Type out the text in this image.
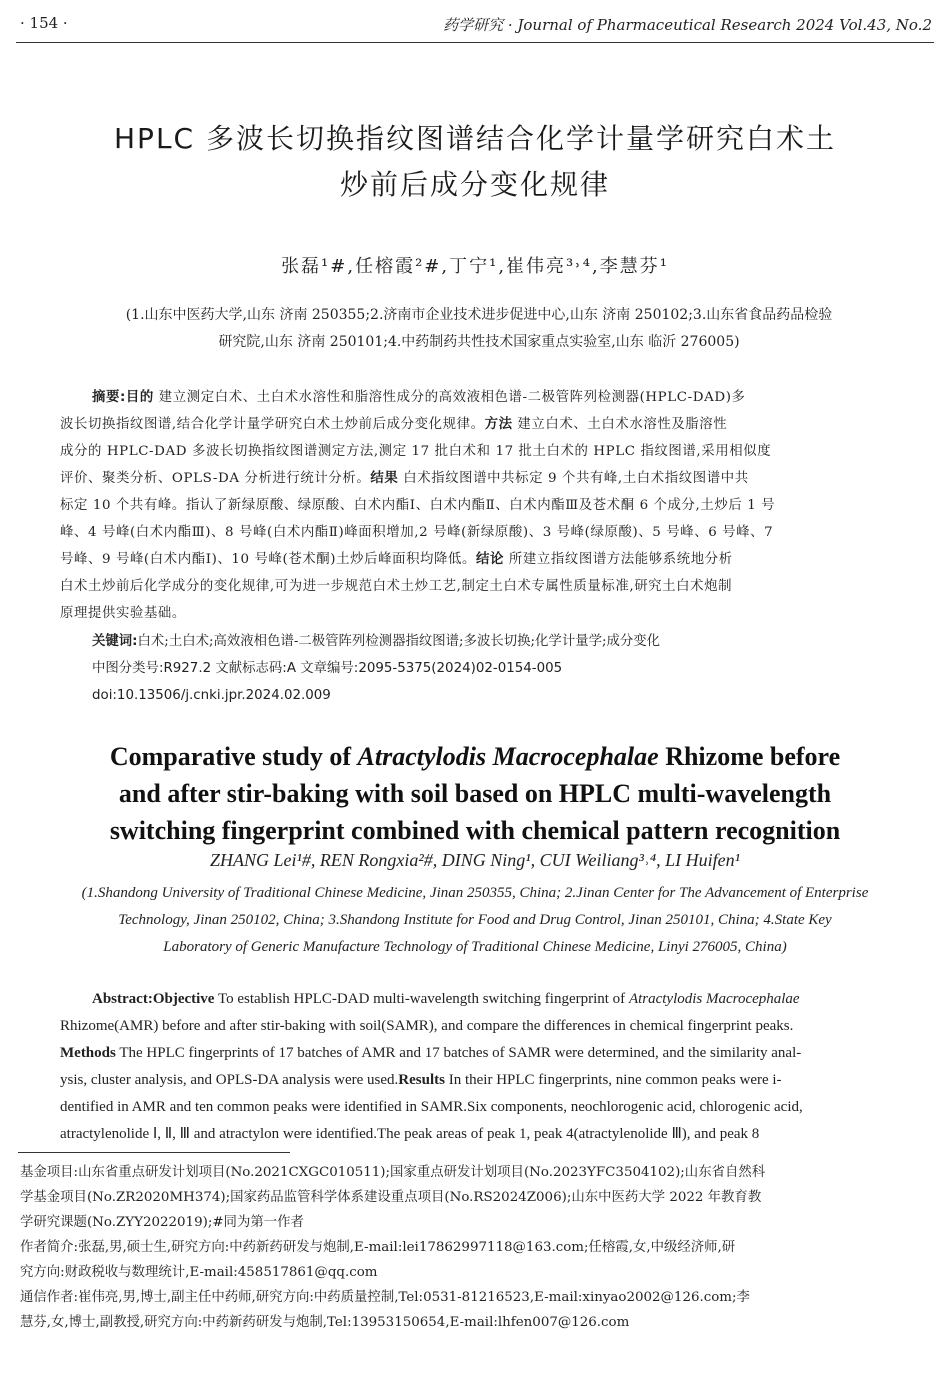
· 154 ·	药学研究 · Journal of Pharmaceutical Research 2024 Vol.43, No.2
HPLC 多波长切换指纹图谱结合化学计量学研究白术土
炒前后成分变化规律
张磊¹#,任榕霞²#,丁宁¹,崔伟亮³˒⁴,李慧芬¹
(1.山东中医药大学,山东 济南 250355;2.济南市企业技术进步促进中心,山东 济南 250102;3.山东省食品药品检验
研究院,山东 济南 250101;4.中药制药共性技术国家重点实验室,山东 临沂 276005)
摘要:目的 建立测定白术、土白术水溶性和脂溶性成分的高效液相色谱-二极管阵列检测器(HPLC-DAD)多
波长切换指纹图谱,结合化学计量学研究白术土炒前后成分变化规律。方法 建立白术、土白术水溶性及脂溶性
成分的 HPLC-DAD 多波长切换指纹图谱测定方法,测定 17 批白术和 17 批土白术的 HPLC 指纹图谱,采用相似度
评价、聚类分析、OPLS-DA 分析进行统计分析。结果 白术指纹图谱中共标定 9 个共有峰,土白术指纹图谱中共
标定 10 个共有峰。指认了新绿原酸、绿原酸、白术内酯Ⅰ、白术内酯Ⅱ、白术内酯Ⅲ及苍术酮 6 个成分,土炒后 1 号
峰、4 号峰(白术内酯Ⅲ)、8 号峰(白术内酯Ⅱ)峰面积增加,2 号峰(新绿原酸)、3 号峰(绿原酸)、5 号峰、6 号峰、7
号峰、9 号峰(白术内酯Ⅰ)、10 号峰(苍术酮)土炒后峰面积均降低。结论 所建立指纹图谱方法能够系统地分析
白术土炒前后化学成分的变化规律,可为进一步规范白术土炒工艺,制定土白术专属性质量标准,研究土白术炮制
原理提供实验基础。
关键词:白术;土白术;高效液相色谱-二极管阵列检测器指纹图谱;多波长切换;化学计量学;成分变化
中图分类号:R927.2 文献标志码:A 文章编号:2095-5375(2024)02-0154-005
doi:10.13506/j.cnki.jpr.2024.02.009
Comparative study of Atractylodis Macrocephalae Rhizome before
and after stir-baking with soil based on HPLC multi-wavelength
switching fingerprint combined with chemical pattern recognition
ZHANG Lei¹#, REN Rongxia²#, DING Ning¹, CUI Weiliang³˒⁴, LI Huifen¹
(1.Shandong University of Traditional Chinese Medicine, Jinan 250355, China; 2.Jinan Center for The Advancement of Enterprise
Technology, Jinan 250102, China; 3.Shandong Institute for Food and Drug Control, Jinan 250101, China; 4.State Key
Laboratory of Generic Manufacture Technology of Traditional Chinese Medicine, Linyi 276005, China)
Abstract:Objective To establish HPLC-DAD multi-wavelength switching fingerprint of Atractylodis Macrocephalae
Rhizome(AMR) before and after stir-baking with soil(SAMR), and compare the differences in chemical fingerprint peaks.
Methods The HPLC fingerprints of 17 batches of AMR and 17 batches of SAMR were determined, and the similarity anal-
ysis, cluster analysis, and OPLS-DA analysis were used.Results In their HPLC fingerprints, nine common peaks were i-
dentified in AMR and ten common peaks were identified in SAMR.Six components, neochlorogenic acid, chlorogenic acid,
atractylenolide Ⅰ, Ⅱ, Ⅲ and atractylon were identified.The peak areas of peak 1, peak 4(atractylenolide Ⅲ), and peak 8
基金项目:山东省重点研发计划项目(No.2021CXGC010511);国家重点研发计划项目(No.2023YFC3504102);山东省自然科
学基金项目(No.ZR2020MH374);国家药品监管科学体系建设重点项目(No.RS2024Z006);山东中医药大学 2022 年教育教
学研究课题(No.ZYY2022019);#同为第一作者
作者简介:张磊,男,硕士生,研究方向:中药新药研发与炮制,E-mail:lei17862997118@163.com;任榕霞,女,中级经济师,研
究方向:财政税收与数理统计,E-mail:458517861@qq.com
通信作者:崔伟亮,男,博士,副主任中药师,研究方向:中药质量控制,Tel:0531-81216523,E-mail:xinyao2002@126.com;李
慧芬,女,博士,副教授,研究方向:中药新药研发与炮制,Tel:13953150654,E-mail:lhfen007@126.com
